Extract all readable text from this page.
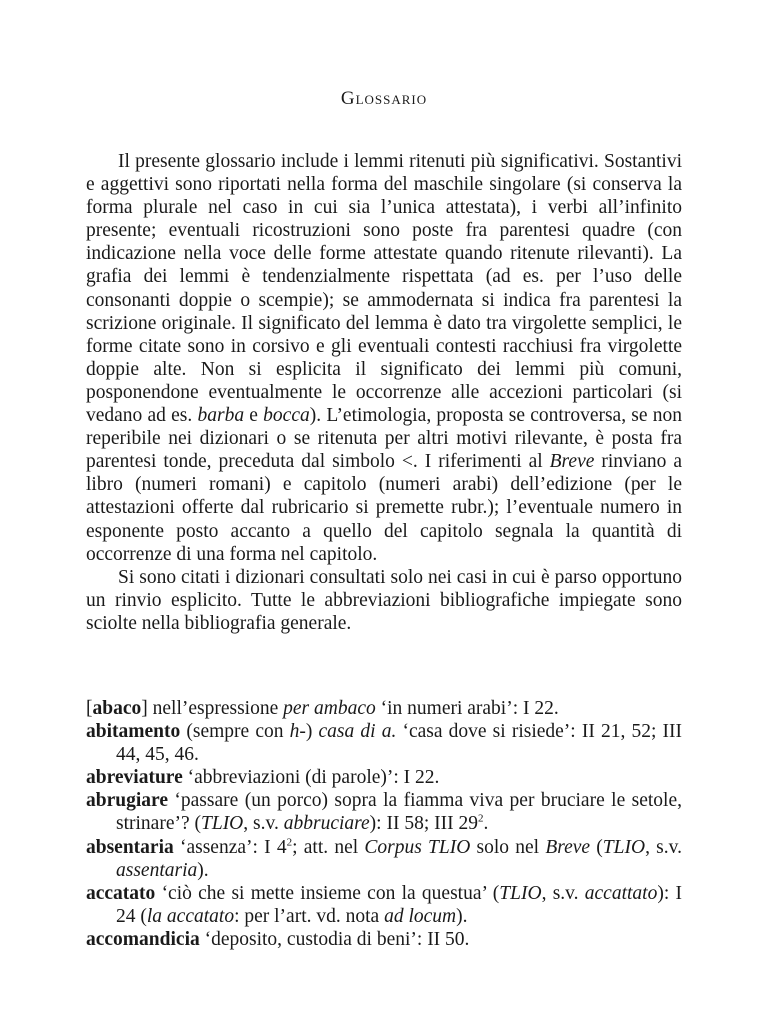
Glossario

Il presente glossario include i lemmi ritenuti più significativi. Sostantivi e aggettivi sono riportati nella forma del maschile singolare (si conserva la forma plurale nel caso in cui sia l’unica attestata), i verbi all’infinito presente; eventuali ricostruzioni sono poste fra parentesi quadre (con indicazione nella voce delle forme attestate quando ritenute rilevanti). La grafia dei lemmi è tendenzialmente rispettata (ad es. per l’uso delle consonanti doppie o scempie); se ammodernata si indica fra parentesi la scrizione originale. Il significato del lemma è dato tra virgolette semplici, le forme citate sono in corsivo e gli eventuali contesti racchiusi fra virgolette doppie alte. Non si esplicita il significato dei lemmi più comuni, posponendone eventualmente le occorrenze alle accezioni particolari (si vedano ad es. barba e bocca). L’etimologia, proposta se controversa, se non reperibile nei dizionari o se ritenuta per altri motivi rilevante, è posta fra parentesi tonde, preceduta dal simbolo <. I riferimenti al Breve rinviano a libro (numeri romani) e capitolo (numeri arabi) dell’edizione (per le attestazioni offerte dal rubricario si premette rubr.); l’eventuale numero in esponente posto accanto a quello del capitolo segnala la quantità di occorrenze di una forma nel capitolo.

Si sono citati i dizionari consultati solo nei casi in cui è parso opportuno un rinvio esplicito. Tutte le abbreviazioni bibliografiche impiegate sono sciolte nella bibliografia generale.

[abaco] nell’espressione per ambaco ‘in numeri arabi’: I 22.

abitamento (sempre con h-) casa di a. ‘casa dove si risiede’: II 21, 52; III 44, 45, 46.

abreviature ‘abbreviazioni (di parole)’: I 22.

abrugiare ‘passare (un porco) sopra la fiamma viva per bruciare le setole, strinare’? (TLIO, s.v. abbruciare): II 58; III $29^2$.

absentaria ‘assenza’: I $4^2$; att. nel Corpus TLIO solo nel Breve (TLIO, s.v. assentaria).

accatato ‘ciò che si mette insieme con la questua’ (TLIO, s.v. accattato): I 24 (la accatato: per l’art. vd. nota ad locum).

accomandicia ‘deposito, custodia di beni’: II 50.
